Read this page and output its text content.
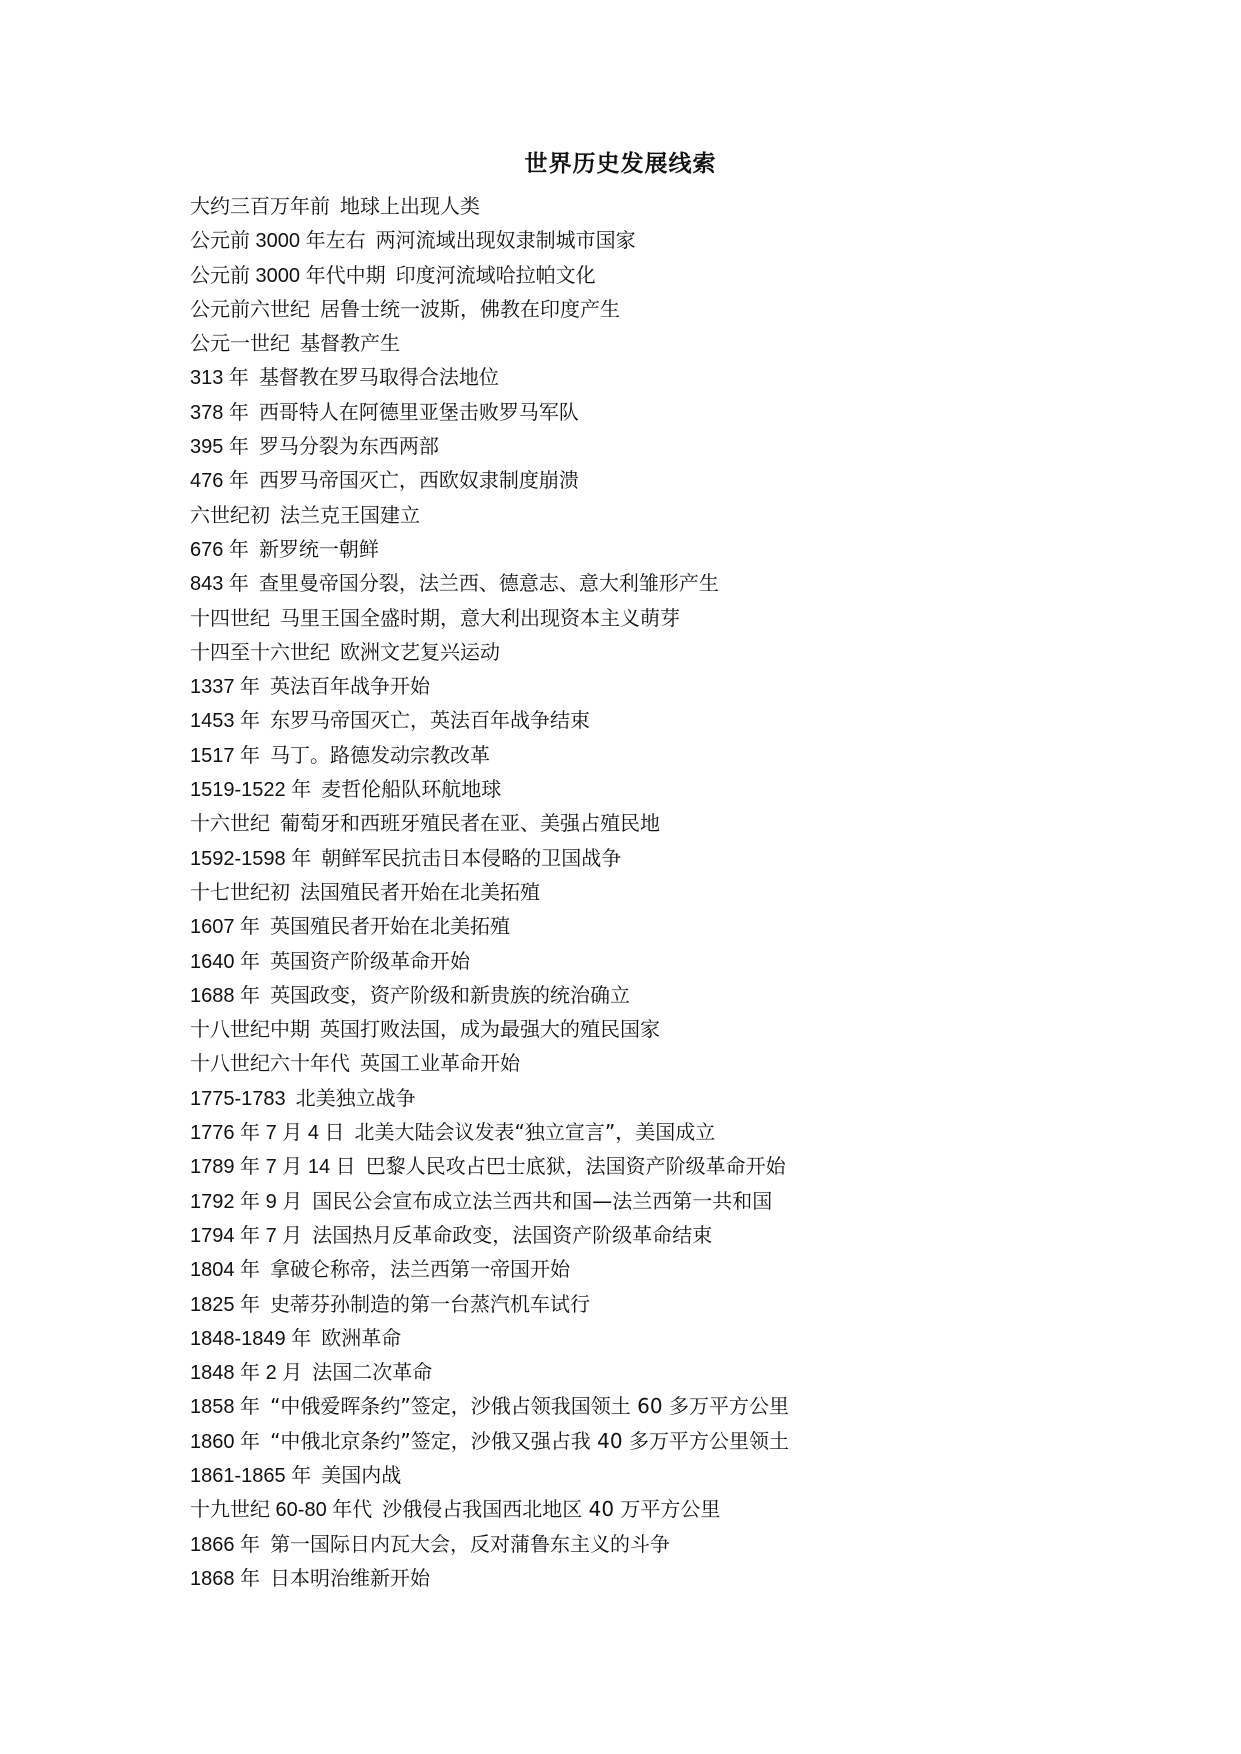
世界历史发展线索
大约三百万年前 地球上出现人类
公元前 3000 年左右 两河流域出现奴隶制城市国家
公元前 3000 年代中期 印度河流域哈拉帕文化
公元前六世纪 居鲁士统一波斯，佛教在印度产生
公元一世纪 基督教产生
313 年 基督教在罗马取得合法地位
378 年 西哥特人在阿德里亚堡击败罗马军队
395 年 罗马分裂为东西两部
476 年 西罗马帝国灭亡，西欧奴隶制度崩溃
六世纪初 法兰克王国建立
676 年 新罗统一朝鲜
843 年 查里曼帝国分裂，法兰西、德意志、意大利雏形产生
十四世纪 马里王国全盛时期，意大利出现资本主义萌芽
十四至十六世纪 欧洲文艺复兴运动
1337 年 英法百年战争开始
1453 年 东罗马帝国灭亡，英法百年战争结束
1517 年 马丁。路德发动宗教改革
1519-1522 年 麦哲伦船队环航地球
十六世纪 葡萄牙和西班牙殖民者在亚、美强占殖民地
1592-1598 年 朝鲜军民抗击日本侵略的卫国战争
十七世纪初 法国殖民者开始在北美拓殖
1607 年 英国殖民者开始在北美拓殖
1640 年 英国资产阶级革命开始
1688 年 英国政变，资产阶级和新贵族的统治确立
十八世纪中期 英国打败法国，成为最强大的殖民国家
十八世纪六十年代 英国工业革命开始
1775-1783 北美独立战争
1776 年 7 月 4 日 北美大陆会议发表“独立宣言”，美国成立
1789 年 7 月 14 日 巴黎人民攻占巴士底狱，法国资产阶级革命开始
1792 年 9 月 国民公会宣布成立法兰西共和国—法兰西第一共和国
1794 年 7 月 法国热月反革命政变，法国资产阶级革命结束
1804 年 拿破仑称帝，法兰西第一帝国开始
1825 年 史蒂芬孙制造的第一台蒸汽机车试行
1848-1849 年 欧洲革命
1848 年 2 月 法国二次革命
1858 年 “中俄爱晖条约”签定，沙俄占领我国领土 60 多万平方公里
1860 年 “中俄北京条约”签定，沙俄又强占我 40 多万平方公里领土
1861-1865 年 美国内战
十九世纪 60-80 年代 沙俄侵占我国西北地区 40 万平方公里
1866 年 第一国际日内瓦大会，反对蒲鲁东主义的斗争
1868 年 日本明治维新开始
